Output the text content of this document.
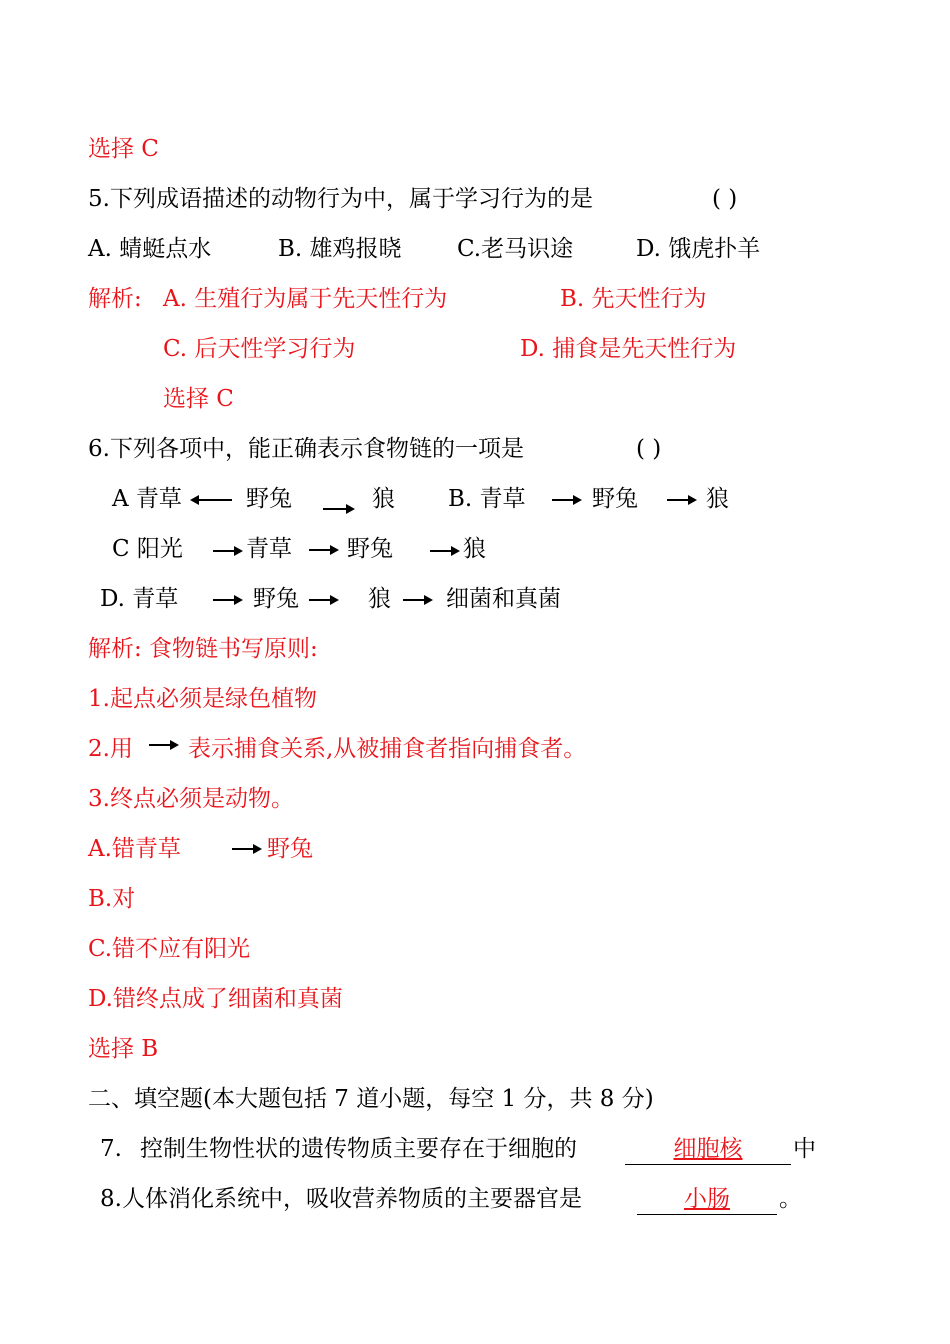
选择 C
5.下列成语描述的动物行为中，属于学习行为的是	( )
A. 蜻蜓点水	B. 雄鸡报晓 C.老马识途	D. 饿虎扑羊
解析: A. 生殖行为属于先天性行为	B. 先天性行为
C. 后天性学习行为	D. 捕食是先天性行为
选择 C
6.下列各项中，能正确表示食物链的一项是	( )
A 青草	野兔	狼 B. 青草	野兔	狼
C 阳光	青草 野兔	狼
D. 青草	野兔	狼 细菌和真菌
解析: 食物链书写原则:
1.起点必须是绿色植物
2.用 表示捕食关系,从被捕食者指向捕食者。
3.终点必须是动物。
A.错青草	野兔
B.对
C.错不应有阳光
D.错终点成了细菌和真菌
选择 B
二、填空题(本大题包括 7 道小题，每空 1 分，共 8 分)
7. 控制生物性状的遗传物质主要存在于细胞的	细胞核	中
8.人体消化系统中，吸收营养物质的主要器官是	小肠	。
